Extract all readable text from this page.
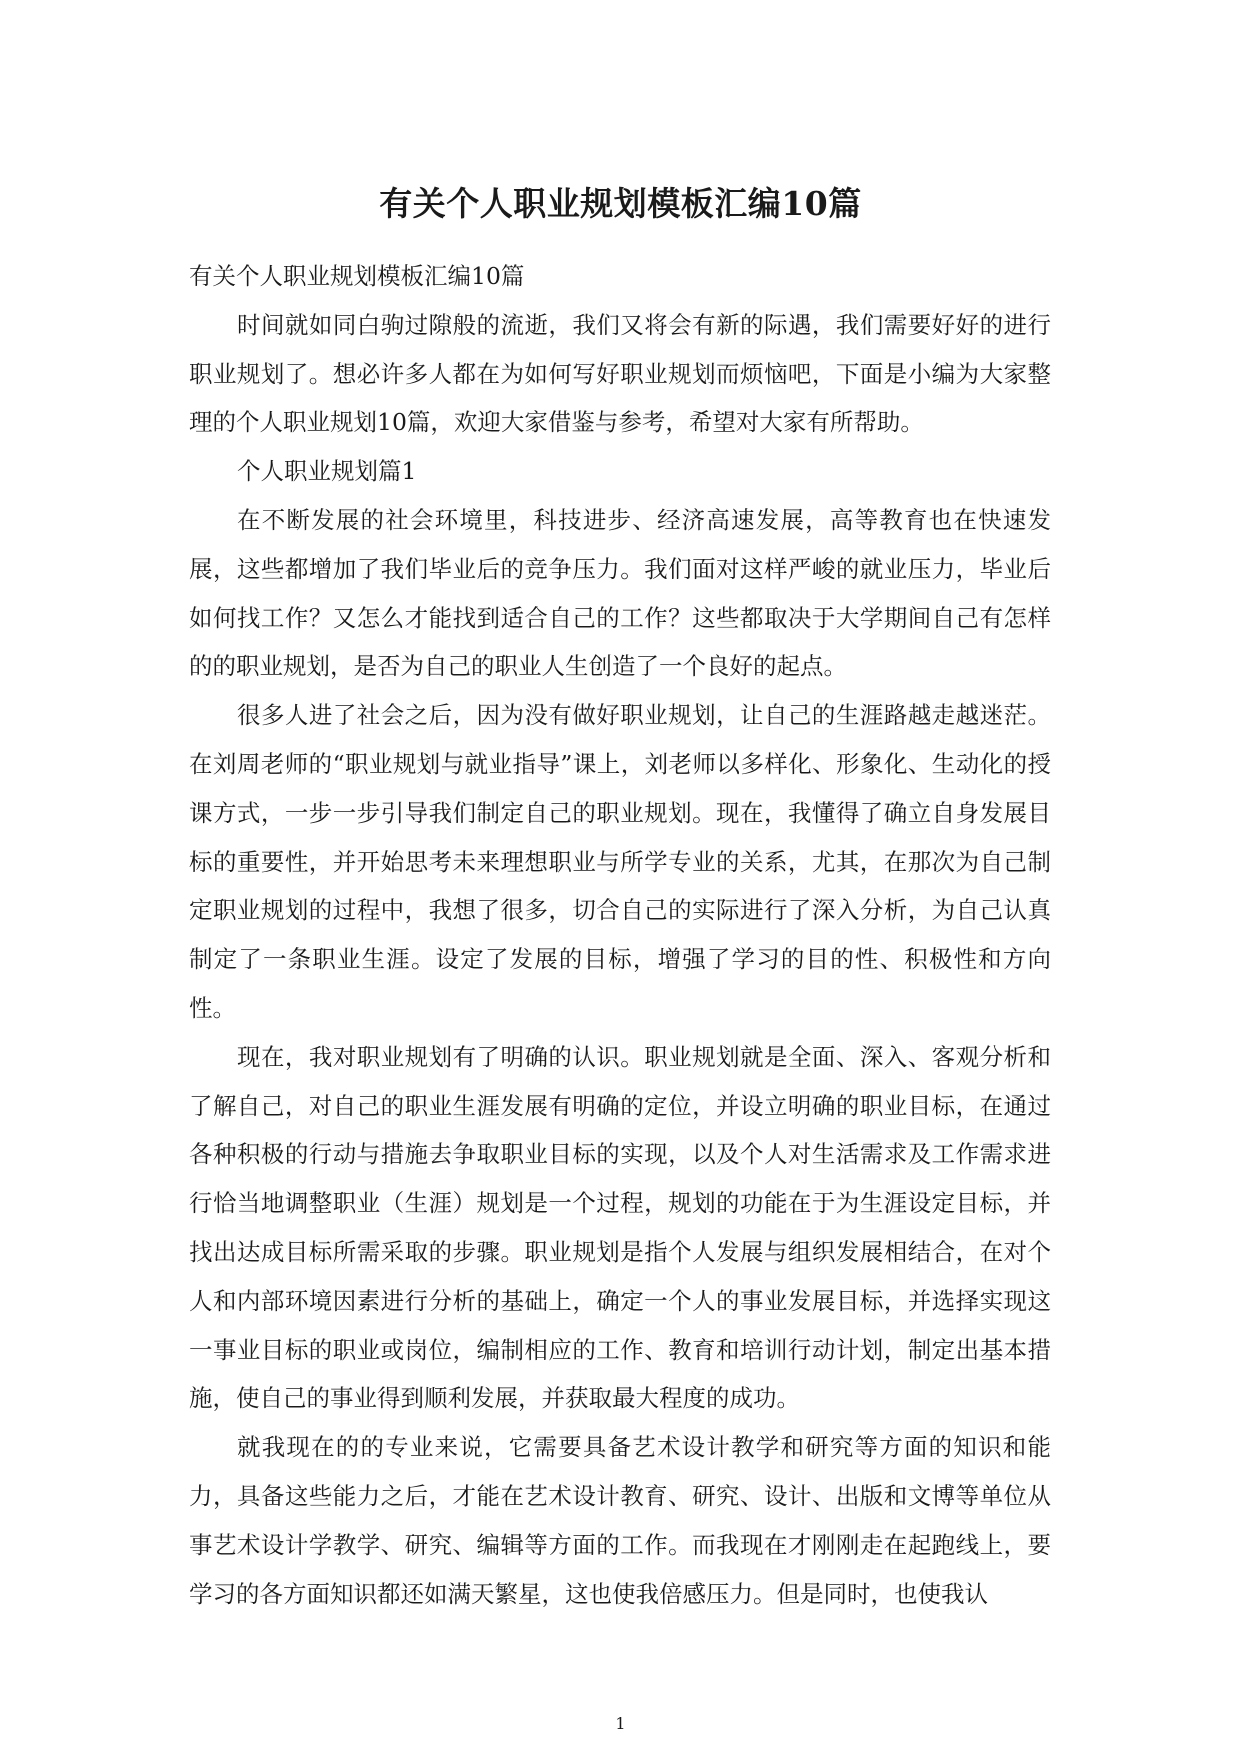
有关个人职业规划模板汇编10篇

有关个人职业规划模板汇编10篇

时间就如同白驹过隙般的流逝，我们又将会有新的际遇，我们需要好好的进行职业规划了。想必许多人都在为如何写好职业规划而烦恼吧，下面是小编为大家整理的个人职业规划10篇，欢迎大家借鉴与参考，希望对大家有所帮助。

个人职业规划篇1

在不断发展的社会环境里，科技进步、经济高速发展，高等教育也在快速发展，这些都增加了我们毕业后的竞争压力。我们面对这样严峻的就业压力，毕业后如何找工作？又怎么才能找到适合自己的工作？这些都取决于大学期间自己有怎样的的职业规划，是否为自己的职业人生创造了一个良好的起点。

很多人进了社会之后，因为没有做好职业规划，让自己的生涯路越走越迷茫。在刘周老师的“职业规划与就业指导”课上，刘老师以多样化、形象化、生动化的授课方式，一步一步引导我们制定自己的职业规划。现在，我懂得了确立自身发展目标的重要性，并开始思考未来理想职业与所学专业的关系，尤其，在那次为自己制定职业规划的过程中，我想了很多，切合自己的实际进行了深入分析，为自己认真制定了一条职业生涯。设定了发展的目标，增强了学习的目的性、积极性和方向性。

现在，我对职业规划有了明确的认识。职业规划就是全面、深入、客观分析和了解自己，对自己的职业生涯发展有明确的定位，并设立明确的职业目标，在通过各种积极的行动与措施去争取职业目标的实现，以及个人对生活需求及工作需求进行恰当地调整职业（生涯）规划是一个过程，规划的功能在于为生涯设定目标，并找出达成目标所需采取的步骤。职业规划是指个人发展与组织发展相结合，在对个人和内部环境因素进行分析的基础上，确定一个人的事业发展目标，并选择实现这一事业目标的职业或岗位，编制相应的工作、教育和培训行动计划，制定出基本措施，使自己的事业得到顺利发展，并获取最大程度的成功。

就我现在的的专业来说，它需要具备艺术设计教学和研究等方面的知识和能力，具备这些能力之后，才能在艺术设计教育、研究、设计、出版和文博等单位从事艺术设计学教学、研究、编辑等方面的工作。而我现在才刚刚走在起跑线上，要学习的各方面知识都还如满天繁星，这也使我倍感压力。但是同时，也使我认

1
